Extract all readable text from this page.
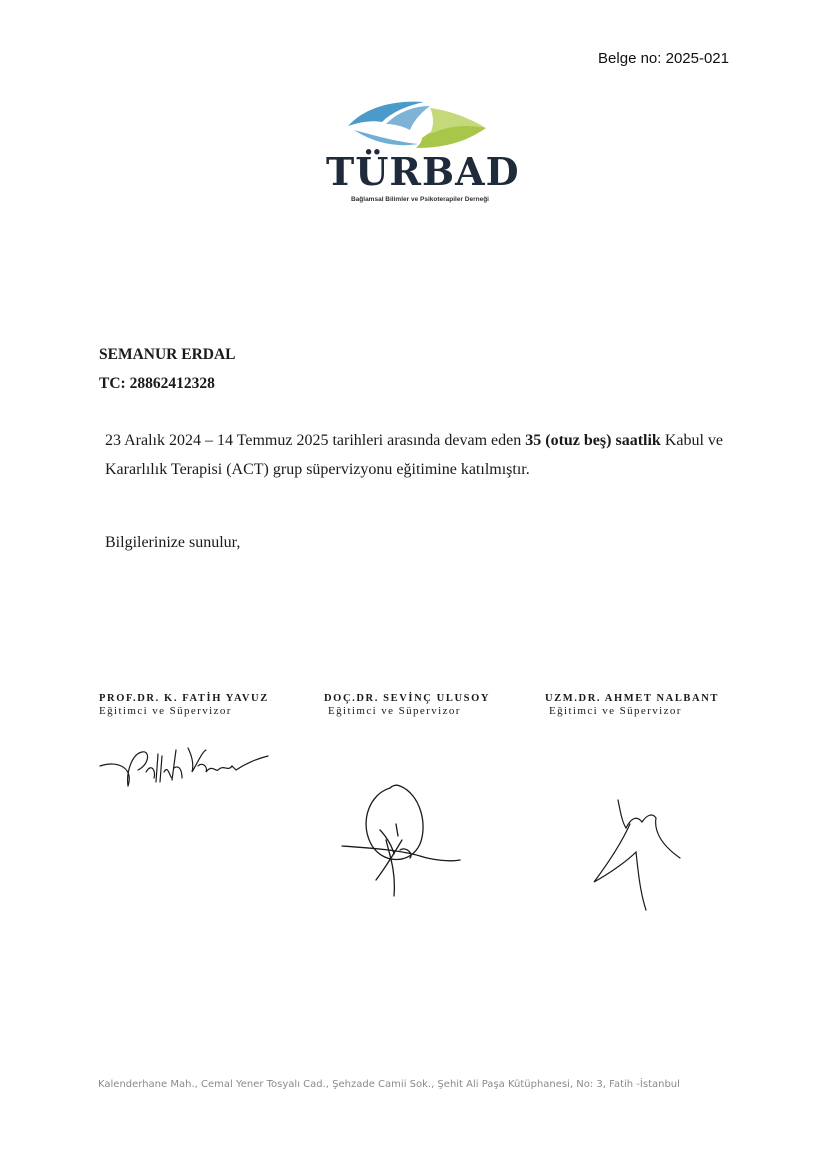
Belge no: 2025-021
TÜRBAD
Bağlamsal Bilimler ve Psikoterapiler Derneği
SEMANUR ERDAL
TC: 28862412328
23 Aralık 2024 – 14 Temmuz 2025 tarihleri arasında devam eden 35 (otuz beş) saatlik Kabul ve Kararlılık Terapisi (ACT) grup süpervizyonu eğitimine katılmıştır.
Bilgilerinize sunulur,
PROF.DR. K. FATİH YAVUZ
Eğitimci ve Süpervizor
DOÇ.DR. SEVİNÇ ULUSOY
Eğitimci ve Süpervizor
UZM.DR. AHMET NALBANT
Eğitimci ve Süpervizor
Kalenderhane Mah., Cemal Yener Tosyalı Cad., Şehzade Camii Sok., Şehit Ali Paşa Kütüphanesi, No: 3, Fatih -İstanbul
